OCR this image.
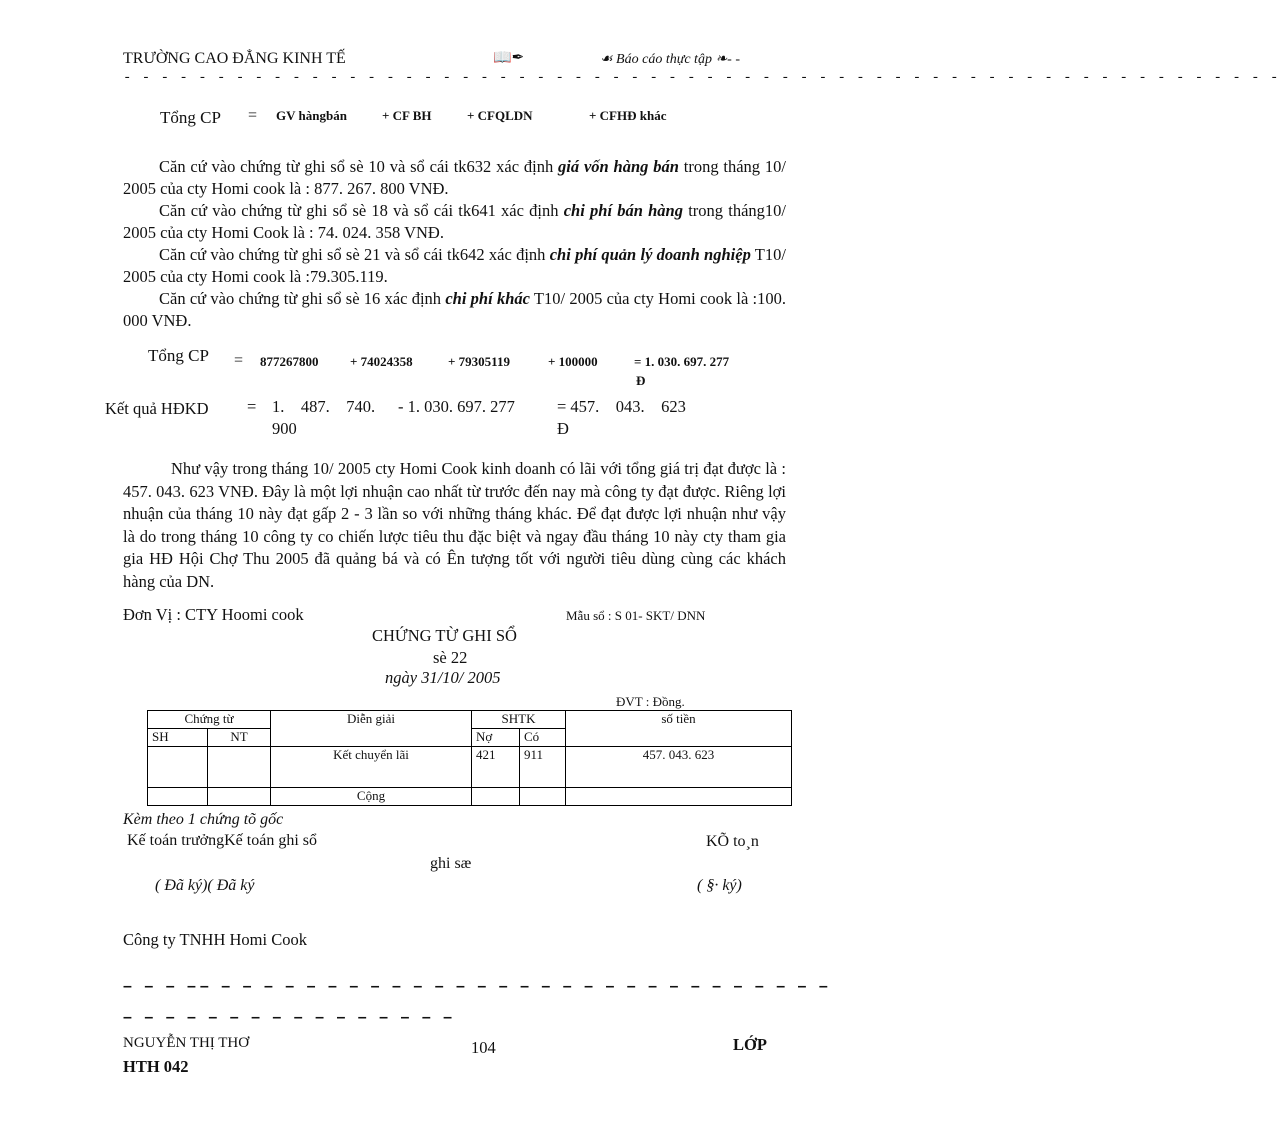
TRƯỜNG CAO ĐẲNG KINH TẾ	📖✒	☙ Báo cáo thực tập ❧- -
- - - - - - - - - - - - - - - - - - - - - - - - - - - - - - - - - - - - - - - - - - - - - - - - - - - - - - - - - - - - - -
Tổng CP = GV hàngbán	+ CF BH	+ CFQLDN	+ CFHĐ khác

Căn cứ vào chứng từ ghi sổ sè 10 và sổ cái tk632 xác định giá vốn hàng bán trong tháng 10/ 2005 của cty Homi cook là : 877. 267. 800 VNĐ.

Căn cứ vào chứng từ ghi sổ sè 18 và sổ cái tk641 xác định chi phí bán hàng trong tháng10/ 2005 của cty Homi Cook là : 74. 024. 358 VNĐ.

Căn cứ vào chứng từ ghi sổ sè 21 và sổ cái tk642 xác định chi phí quản lý doanh nghiệp T10/ 2005 của cty Homi cook là :79.305.119.

Căn cứ vào chứng từ ghi sổ sè 16 xác định chi phí khác T10/ 2005 của cty Homi cook là :100. 000 VNĐ.

Tổng CP = 877267800 + 74024358	+ 79305119	+ 100000	= 1. 030. 697. 277
Đ
Kết quả HĐKD = 1.    487.    740.
900
- 1. 030. 697. 277	= 457.    043.    623
Đ

Như vậy trong tháng 10/ 2005 cty Homi Cook kinh doanh có lãi với tổng giá trị đạt được là : 457. 043. 623 VNĐ. Đây là một lợi nhuận cao nhất từ trước đến nay mà công ty đạt được. Riêng lợi nhuận của tháng 10 này đạt gấp 2 - 3 lần so với những tháng khác. Để đạt được lợi nhuận như vậy là do trong tháng 10 công ty co chiến lược tiêu thu đặc biệt và ngay đầu tháng 10 này cty tham gia gia HĐ Hội Chợ Thu 2005 đã quảng bá và có Ên tượng tốt với người tiêu dùng cùng các khách hàng của DN.

Đơn Vị : CTY Hoomi cook	Mẫu sổ : S 01- SKT/ DNN
CHỨNG TỪ GHI SỔ
sè 22
ngày 31/10/ 2005
ĐVT : Đồng.
Chứng từ		Diễn giải	SHTK		số tiền
SH	NT		Nợ	Có	
		Kết chuyển lãi	421	911	457. 043. 623
		Cộng			
Kèm theo 1 chứng tõ gốc
Kế toán trưởngKế toán ghi sổ	KÕ to¸n
ghi sæ
( Đã ký)( Đã ký	( §· ký)
Công ty TNHH Homi Cook
– – – –– – – – – – – – – – – – – – – – – – – – – – – – – – – – – –
– – – – – – – – – – – – – – – –
NGUYỄN THỊ THƠ	104	LỚP
HTH 042
